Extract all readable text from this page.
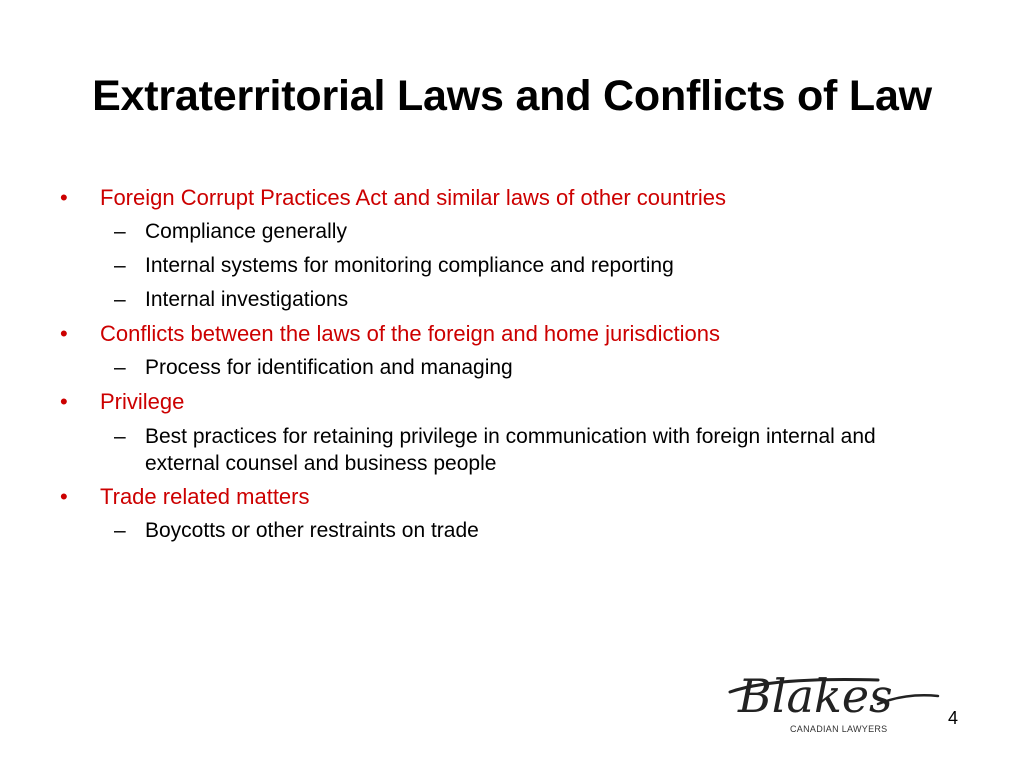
Extraterritorial Laws and Conflicts of Law
• Foreign Corrupt Practices Act and similar laws of other countries
– Compliance generally
– Internal systems for monitoring compliance and reporting
– Internal investigations
• Conflicts between the laws of the foreign and home jurisdictions
– Process for identification and managing
• Privilege
– Best practices for retaining privilege in communication with foreign internal and external counsel and business people
• Trade related matters
– Boycotts or other restraints on trade
Blakes
CANADIAN LAWYERS
4
